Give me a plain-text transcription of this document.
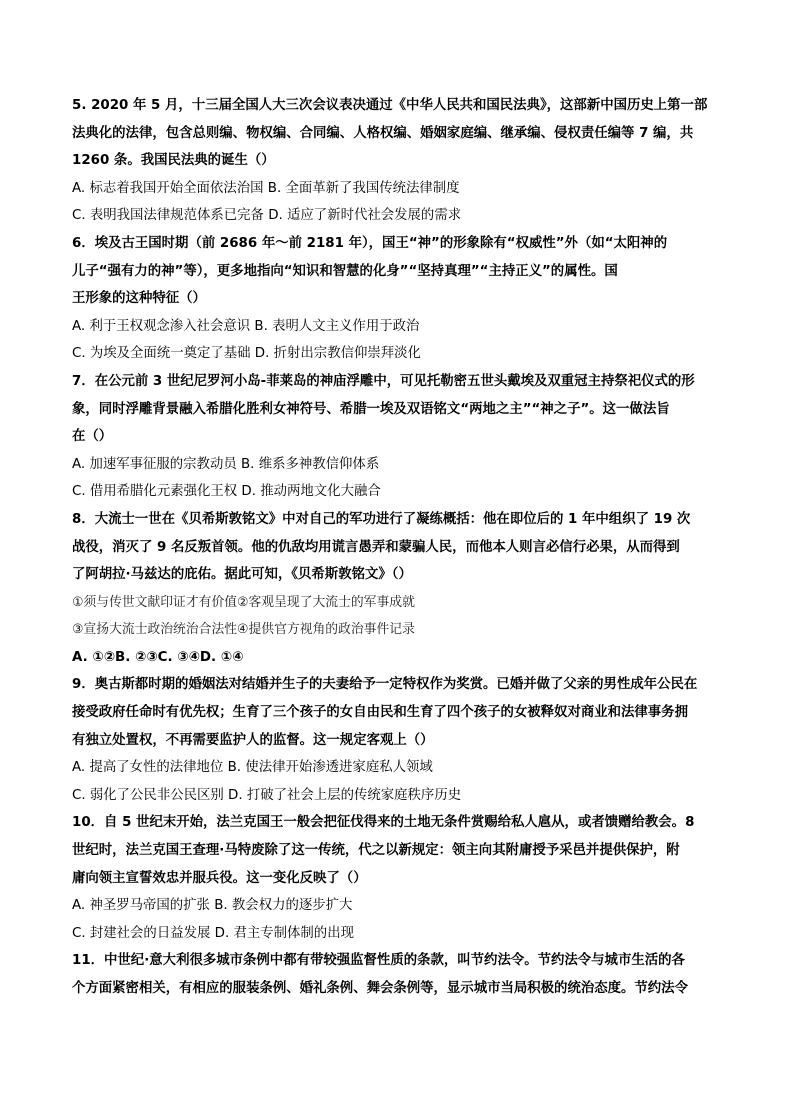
5. 2020 年 5 月，十三届全国人大三次会议表决通过《中华人民共和国民法典》，这部新中国历史上第一部
法典化的法律，包含总则编、物权编、合同编、人格权编、婚姻家庭编、继承编、侵权责任编等 7 编，共
1260 条。我国民法典的诞生（）
A. 标志着我国开始全面依法治国 B. 全面革新了我国传统法律制度
C. 表明我国法律规范体系已完备 D. 适应了新时代社会发展的需求
6．埃及古王国时期（前 2686 年～前 2181 年），国王“神”的形象除有“权威性”外（如“太阳神的
儿子“强有力的神”等），更多地指向“知识和智慧的化身”“坚持真理”“主持正义”的属性。国
王形象的这种特征（）
A. 利于王权观念渗入社会意识 B. 表明人文主义作用于政治
C. 为埃及全面统一奠定了基础 D. 折射出宗教信仰崇拜淡化
7．在公元前 3 世纪尼罗河小岛-菲莱岛的神庙浮雕中，可见托勒密五世头戴埃及双重冠主持祭祀仪式的形
象，同时浮雕背景融入希腊化胜利女神符号、希腊一埃及双语铭文“两地之主”“神之子”。这一做法旨
在（）
A. 加速军事征服的宗教动员 B. 维系多神教信仰体系
C. 借用希腊化元素强化王权 D. 推动两地文化大融合
8．大流士一世在《贝希斯敦铭文》中对自己的军功进行了凝练概括：他在即位后的 1 年中组织了 19 次
战役，消灭了 9 名反叛首领。他的仇敌均用谎言愚弄和蒙骗人民，而他本人则言必信行必果，从而得到
了阿胡拉·马兹达的庇佑。据此可知，《贝希斯敦铭文》（）
①须与传世文献印证才有价值②客观呈现了大流士的军事成就
③宣扬大流士政治统治合法性④提供官方视角的政治事件记录
A. ①②B. ②③C. ③④D. ①④
9．奥古斯都时期的婚姻法对结婚并生子的夫妻给予一定特权作为奖赏。已婚并做了父亲的男性成年公民在
接受政府任命时有优先权；生育了三个孩子的女自由民和生育了四个孩子的女被释奴对商业和法律事务拥
有独立处置权，不再需要监护人的监督。这一规定客观上（）
A. 提高了女性的法律地位 B. 使法律开始渗透进家庭私人领域
C. 弱化了公民非公民区别 D. 打破了社会上层的传统家庭秩序历史
10．自 5 世纪末开始，法兰克国王一般会把征伐得来的土地无条件赏赐给私人扈从，或者馈赠给教会。8
世纪时，法兰克国王查理·马特废除了这一传统，代之以新规定：领主向其附庸授予采邑并提供保护，附
庸向领主宣誓效忠并服兵役。这一变化反映了（）
A. 神圣罗马帝国的扩张 B. 教会权力的逐步扩大
C. 封建社会的日益发展 D. 君主专制体制的出现
11．中世纪·意大利很多城市条例中都有带较强监督性质的条款，叫节约法令。节约法令与城市生活的各
个方面紧密相关，有相应的服装条例、婚礼条例、舞会条例等，显示城市当局积极的统治态度。节约法令
